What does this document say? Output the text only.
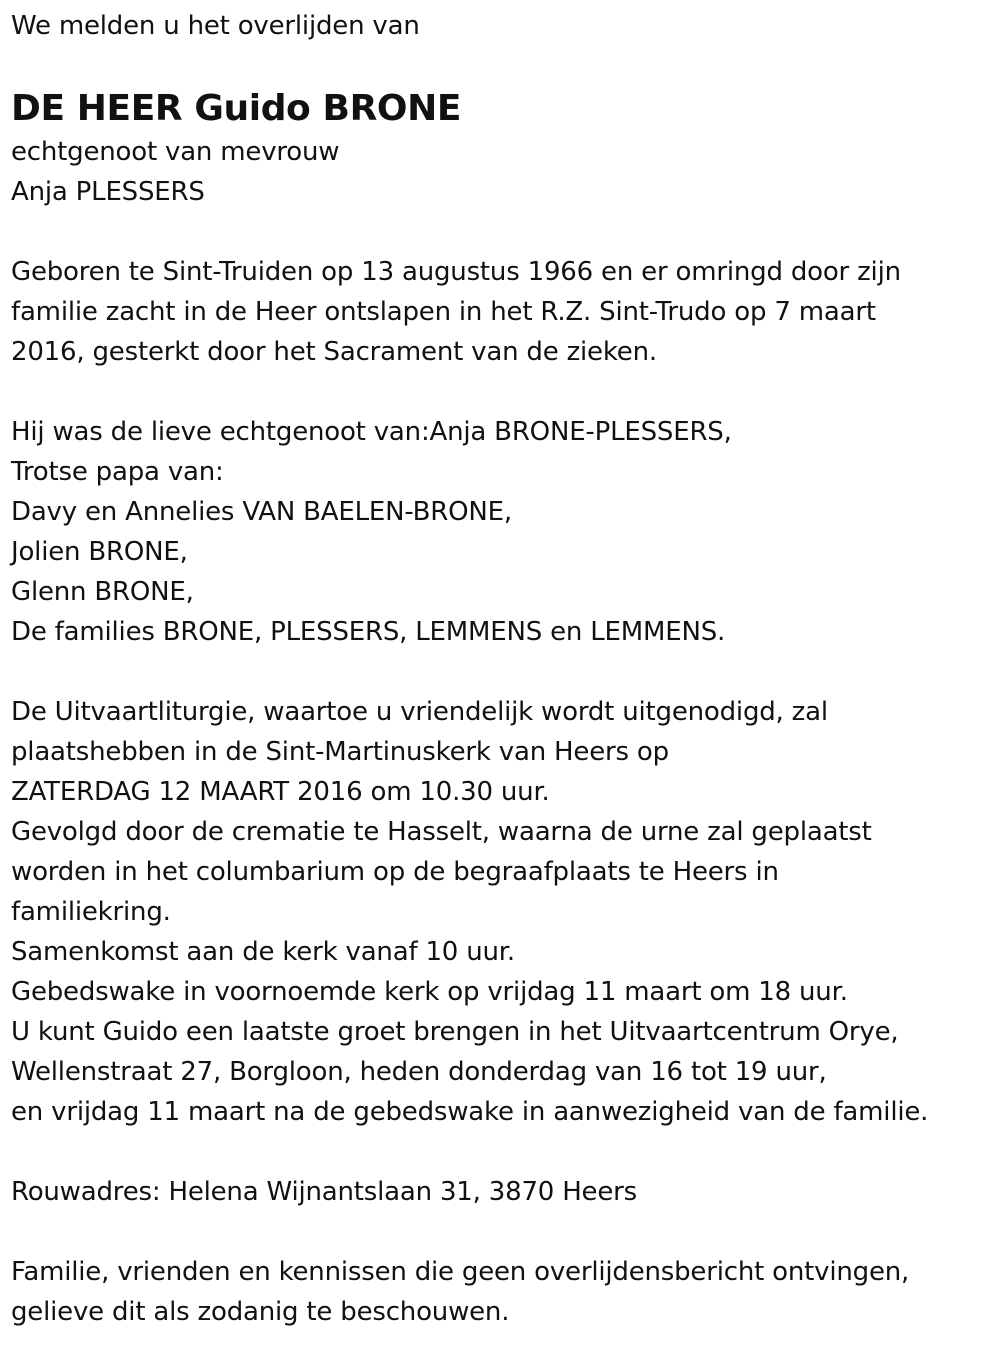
We melden u het overlijden van
DE HEER Guido BRONE
echtgenoot van mevrouw
Anja PLESSERS
Geboren te Sint-Truiden op 13 augustus 1966 en er omringd door zijn
familie zacht in de Heer ontslapen in het R.Z. Sint-Trudo op 7 maart
2016, gesterkt door het Sacrament van de zieken.
Hij was de lieve echtgenoot van:Anja BRONE-PLESSERS,
Trotse papa van:
Davy en Annelies VAN BAELEN-BRONE,
Jolien BRONE,
Glenn BRONE,
De families BRONE, PLESSERS, LEMMENS en LEMMENS.
De Uitvaartliturgie, waartoe u vriendelijk wordt uitgenodigd, zal
plaatshebben in de Sint-Martinuskerk van Heers op
ZATERDAG 12 MAART 2016 om 10.30 uur.
Gevolgd door de crematie te Hasselt, waarna de urne zal geplaatst
worden in het columbarium op de begraafplaats te Heers in
familiekring.
Samenkomst aan de kerk vanaf 10 uur.
Gebedswake in voornoemde kerk op vrijdag 11 maart om 18 uur.
U kunt Guido een laatste groet brengen in het Uitvaartcentrum Orye,
Wellenstraat 27, Borgloon, heden donderdag van 16 tot 19 uur,
en vrijdag 11 maart na de gebedswake in aanwezigheid van de familie.
Rouwadres: Helena Wijnantslaan 31, 3870 Heers
Familie, vrienden en kennissen die geen overlijdensbericht ontvingen,
gelieve dit als zodanig te beschouwen.
